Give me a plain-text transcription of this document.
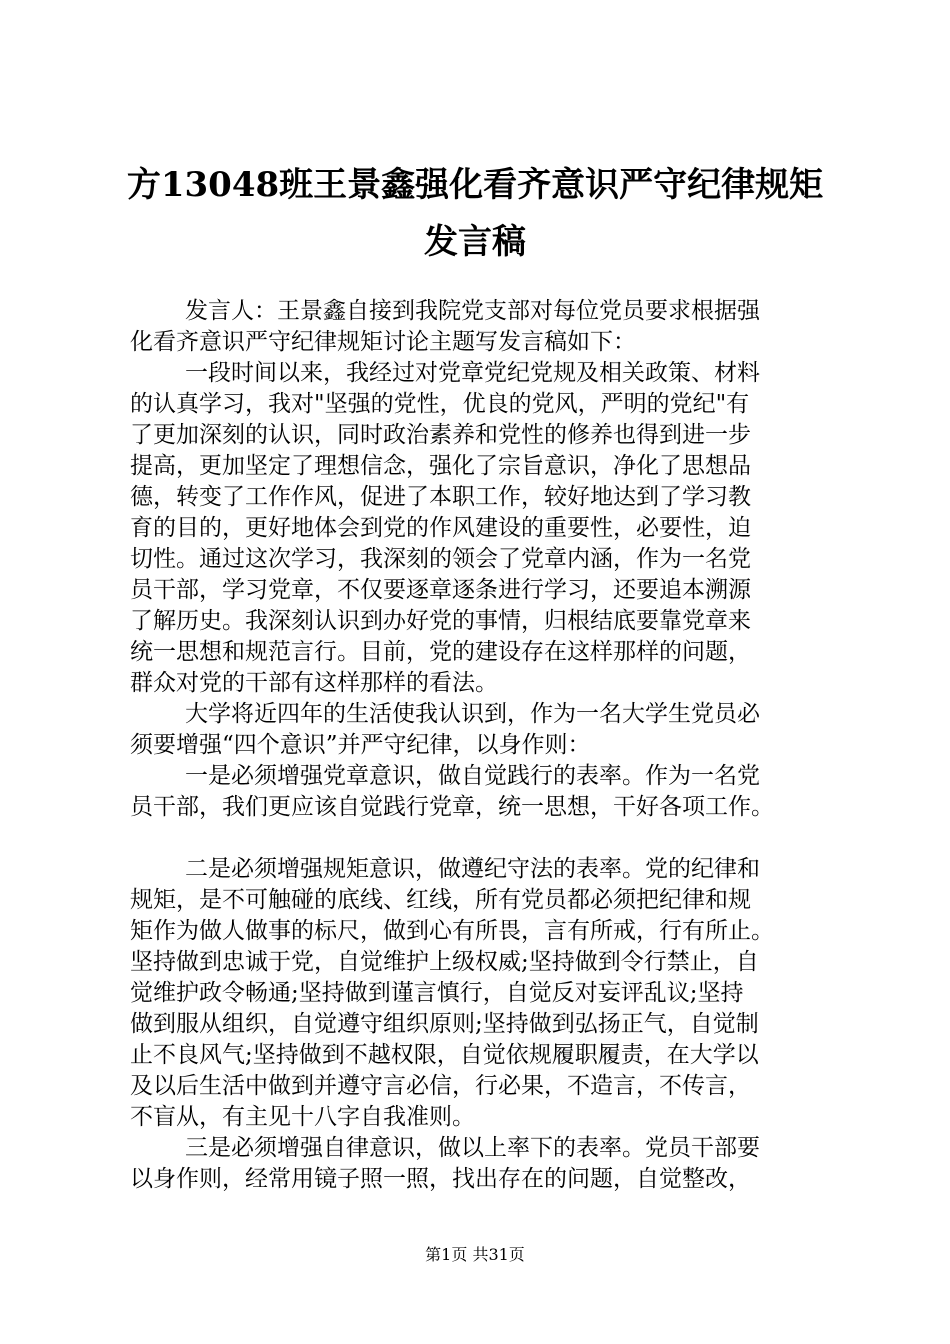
方13048班王景鑫强化看齐意识严守纪律规矩
发言稿
发言人：王景鑫自接到我院党支部对每位党员要求根据强
化看齐意识严守纪律规矩讨论主题写发言稿如下：
一段时间以来，我经过对党章党纪党规及相关政策、材料
的认真学习，我对"坚强的党性，优良的党风，严明的党纪"有
了更加深刻的认识，同时政治素养和党性的修养也得到进一步
提高，更加坚定了理想信念，强化了宗旨意识，净化了思想品
德，转变了工作作风，促进了本职工作，较好地达到了学习教
育的目的，更好地体会到党的作风建设的重要性，必要性，迫
切性。通过这次学习，我深刻的领会了党章内涵，作为一名党
员干部，学习党章，不仅要逐章逐条进行学习，还要追本溯源
了解历史。我深刻认识到办好党的事情，归根结底要靠党章来
统一思想和规范言行。目前，党的建设存在这样那样的问题，
群众对党的干部有这样那样的看法。
大学将近四年的生活使我认识到，作为一名大学生党员必
须要增强“四个意识”并严守纪律，以身作则：
一是必须增强党章意识，做自觉践行的表率。作为一名党
员干部，我们更应该自觉践行党章，统一思想，干好各项工作。
二是必须增强规矩意识，做遵纪守法的表率。党的纪律和
规矩，是不可触碰的底线、红线，所有党员都必须把纪律和规
矩作为做人做事的标尺，做到心有所畏，言有所戒，行有所止。
坚持做到忠诚于党，自觉维护上级权威;坚持做到令行禁止，自
觉维护政令畅通;坚持做到谨言慎行，自觉反对妄评乱议;坚持
做到服从组织，自觉遵守组织原则;坚持做到弘扬正气，自觉制
止不良风气;坚持做到不越权限，自觉依规履职履责，在大学以
及以后生活中做到并遵守言必信，行必果，不造言，不传言，
不盲从，有主见十八字自我准则。
三是必须增强自律意识，做以上率下的表率。党员干部要
以身作则，经常用镜子照一照，找出存在的问题，自觉整改，
第1页 共31页
